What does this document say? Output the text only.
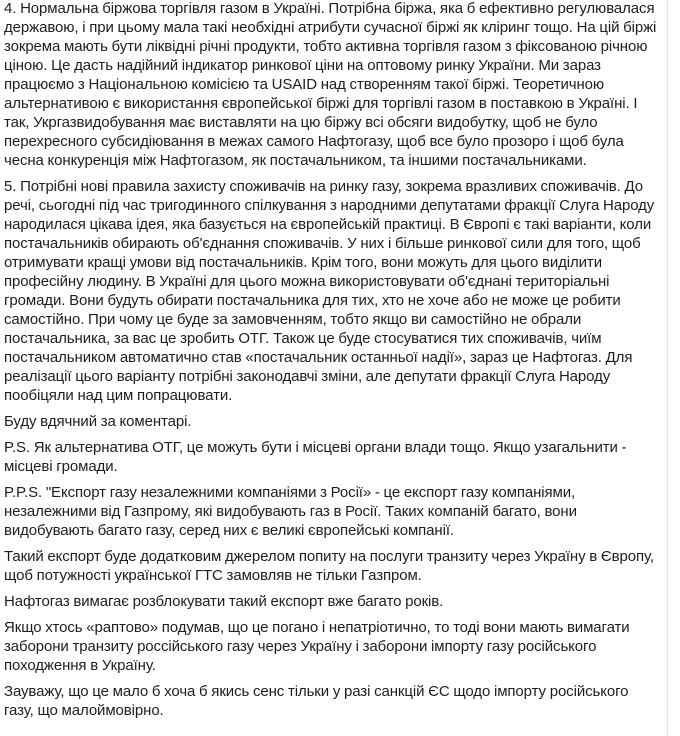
4. Нормальна біржова торгівля газом в Україні. Потрібна біржа, яка б ефективно регулювалася державою, і при цьому мала такі необхідні атрибути сучасної біржі як кліринг тощо. На цій біржі зокрема мають бути ліквідні річні продукти, тобто активна торгівля газом з фіксованою річною ціною. Це дасть надійний індикатор ринкової ціни на оптовому ринку України. Ми зараз працюємо з Національною комісією та USAID над створенням такої біржі. Теоретичною альтернативою є використання європейської біржі для торгівлі газом в поставкою в Україні. І так, Укргазвидобування має виставляти на цю біржу всі обсяги видобутку, щоб не було перехресного субсидіювання в межах самого Нафтогазу, щоб все було прозоро і щоб була чесна конкуренція між Нафтогазом, як постачальником, та іншими постачальниками.

5. Потрібні нові правила захисту споживачів на ринку газу, зокрема вразливих споживачів. До речі, сьогодні під час тригодинного спілкування з народними депутатами фракції Слуга Народу народилася цікава ідея, яка базується на європейській практиці. В Європі є такі варіанти, коли постачальників обирають об'єднання споживачів. У них і більше ринкової сили для того, щоб отримувати кращі умови від постачальників. Крім того, вони можуть для цього виділити професійну людину. В Україні для цього можна використовувати об'єднані територіальні громади. Вони будуть обирати постачальника для тих, хто не хоче або не може це робити самостійно. При чому це буде за замовченням, тобто якщо ви самостійно не обрали постачальника, за вас це зробить ОТГ. Також це буде стосуватися тих споживачів, чиїм постачальником автоматично став «постачальник останньої надії», зараз це Нафтогаз. Для реалізації цього варіанту потрібні законодавчі зміни, але депутати фракції Слуга Народу пообіцяли над цим попрацювати.

Буду вдячний за коментарі.

P.S. Як альтернатива ОТГ, це можуть бути і місцеві органи влади тощо. Якщо узагальнити - місцеві громади.

P.P.S. "Експорт газу незалежними компаніями з Росії» - це експорт газу компаніями, незалежними від Газпрому, які видобувають газ в Росії. Таких компаній багато, вони видобувають багато газу, серед них є великі європейські компанії.

Такий експорт буде додатковим джерелом попиту на послуги транзиту через Україну в Європу, щоб потужності української ГТС замовляв не тільки Газпром.

Нафтогаз вимагає розблокувати такий експорт вже багато років.

Якщо хтось «раптово» подумав, що це погано і непатріотично, то тоді вони мають вимагати заборони транзиту россійського газу через Україну і заборони імпорту газу російського походження в Україну.

Зауважу, що це мало б хоча б якись сенс тільки у разі санкцій ЄС щодо імпорту російського газу, що малоймовірно.
